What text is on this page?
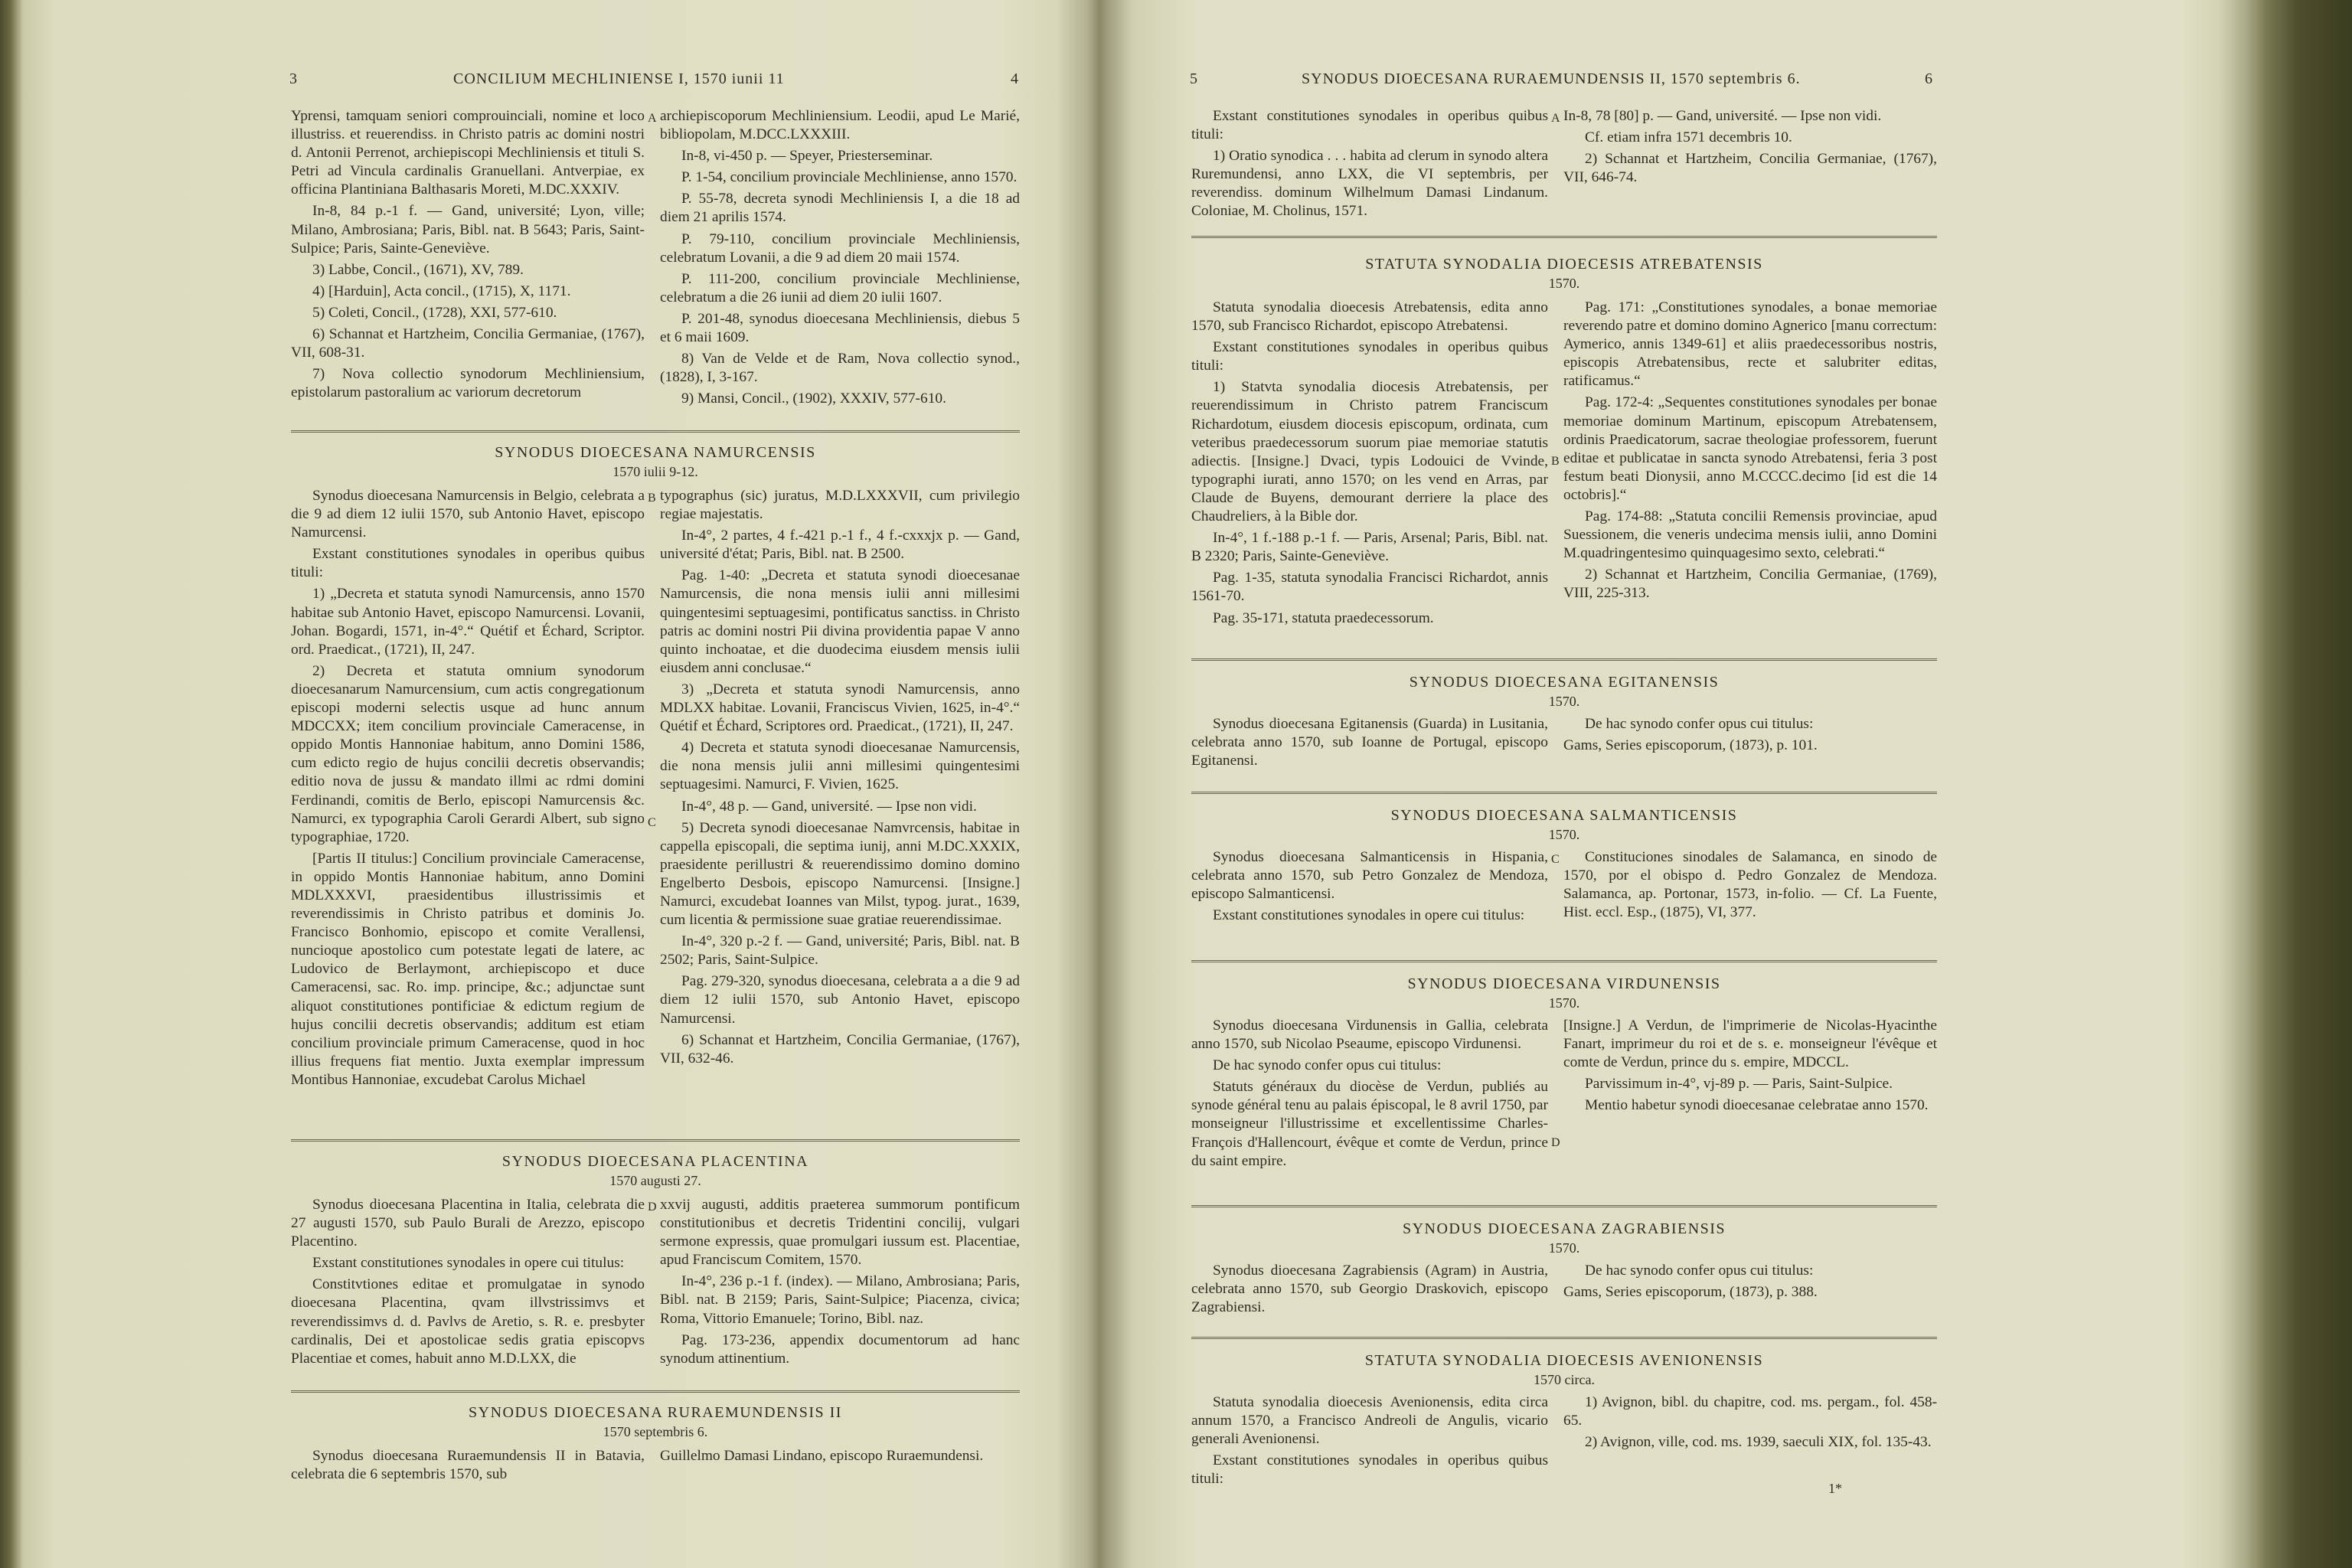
3	CONCILIUM MECHLINIENSE I, 1570 iunii 11	4

Yprensi, tamquam seniori comprouinciali, nomine et loco illustriss. et reuerendiss. in Christo patris ac domini nostri d. Antonii Perrenot, archiepiscopi Mechliniensis et tituli S. Petri ad Vincula cardinalis Granuellani. Antverpiae, ex officina Plantiniana Balthasaris Moreti, M.DC.XXXIV.

In-8, 84 p.-1 f. — Gand, université; Lyon, ville; Milano, Ambrosiana; Paris, Bibl. nat. B 5643; Paris, Saint-Sulpice; Paris, Sainte-Geneviève.

3) Labbe, Concil., (1671), XV, 789.

4) [Harduin], Acta concil., (1715), X, 1171.

5) Coleti, Concil., (1728), XXI, 577-610.

6) Schannat et Hartzheim, Concilia Germaniae, (1767), VII, 608-31.

7) Nova collectio synodorum Mechliniensium, epistolarum pastoralium ac variorum decretorum

A archiepiscoporum Mechliniensium. Leodii, apud Le Marié, bibliopolam, M.DCC.LXXXIII.

In-8, vi-450 p. — Speyer, Priesterseminar.

P. 1-54, concilium provinciale Mechliniense, anno 1570.

P. 55-78, decreta synodi Mechliniensis I, a die 18 ad diem 21 aprilis 1574.

P. 79-110, concilium provinciale Mechliniensis, celebratum Lovanii, a die 9 ad diem 20 maii 1574.

P. 111-200, concilium provinciale Mechliniense, celebratum a die 26 iunii ad diem 20 iulii 1607.

P. 201-48, synodus dioecesana Mechliniensis, diebus 5 et 6 maii 1609.

8) Van de Velde et de Ram, Nova collectio synod., (1828), I, 3-167.

9) Mansi, Concil., (1902), XXXIV, 577-610.

SYNODUS DIOECESANA NAMURCENSIS
1570 iulii 9-12.

Synodus dioecesana Namurcensis in Belgio, celebrata a die 9 ad diem 12 iulii 1570, sub Antonio Havet, episcopo Namurcensi.

Exstant constitutiones synodales in operibus quibus tituli:

1) „Decreta et statuta synodi Namurcensis, anno 1570 habitae sub Antonio Havet, episcopo Namurcensi. Lovanii, Johan. Bogardi, 1571, in-4°.“ Quétif et Échard, Scriptor. ord. Praedicat., (1721), II, 247.

2) Decreta et statuta omnium synodorum dioecesanarum Namurcensium, cum actis congregationum episcopi moderni selectis usque ad hunc annum MDCCXX; item concilium provinciale Cameracense, in oppido Montis Hannoniae habitum, anno Domini 1586, cum edicto regio de hujus concilii decretis observandis; editio nova de jussu & mandato illmi ac rdmi domini Ferdinandi, comitis de Berlo, episcopi Namurcensis &c. Namurci, ex typographia Caroli Gerardi Albert, sub signo typographiae, 1720.

[Partis II titulus:] Concilium provinciale Cameracense, in oppido Montis Hannoniae habitum, anno Domini MDLXXXVI, praesidentibus illustrissimis et reverendissimis in Christo patribus et dominis Jo. Francisco Bonhomio, episcopo et comite Verallensi, nuncioque apostolico cum potestate legati de latere, ac Ludovico de Berlaymont, archiepiscopo et duce Cameracensi, sac. Ro. imp. principe, &c.; adjunctae sunt aliquot constitutiones pontificiae & edictum regium de hujus concilii decretis observandis; additum est etiam concilium provinciale primum Cameracense, quod in hoc illius frequens fiat mentio. Juxta exemplar impressum Montibus Hannoniae, excudebat Carolus Michael

B
C

typographus (sic) juratus, M.D.LXXXVII, cum privilegio regiae majestatis.

In-4°, 2 partes, 4 f.-421 p.-1 f., 4 f.-cxxxjx p. — Gand, université d'état; Paris, Bibl. nat. B 2500.

Pag. 1-40: „Decreta et statuta synodi dioecesanae Namurcensis, die nona mensis iulii anni millesimi quingentesimi septuagesimi, pontificatus sanctiss. in Christo patris ac domini nostri Pii divina providentia papae V anno quinto inchoatae, et die duodecima eiusdem mensis iulii eiusdem anni conclusae.“

3) „Decreta et statuta synodi Namurcensis, anno MDLXX habitae. Lovanii, Franciscus Vivien, 1625, in-4°.“ Quétif et Échard, Scriptores ord. Praedicat., (1721), II, 247.

4) Decreta et statuta synodi dioecesanae Namurcensis, die nona mensis julii anni millesimi quingentesimi septuagesimi. Namurci, F. Vivien, 1625.

In-4°, 48 p. — Gand, université. — Ipse non vidi.

5) Decreta synodi dioecesanae Namvrcensis, habitae in cappella episcopali, die septima iunij, anni M.DC.XXXIX, praesidente perillustri & reuerendissimo domino domino Engelberto Desbois, episcopo Namurcensi. [Insigne.] Namurci, excudebat Ioannes van Milst, typog. jurat., 1639, cum licentia & permissione suae gratiae reuerendissimae.

In-4°, 320 p.-2 f. — Gand, université; Paris, Bibl. nat. B 2502; Paris, Saint-Sulpice.

Pag. 279-320, synodus dioecesana, celebrata a a die 9 ad diem 12 iulii 1570, sub Antonio Havet, episcopo Namurcensi.

6) Schannat et Hartzheim, Concilia Germaniae, (1767), VII, 632-46.

SYNODUS DIOECESANA PLACENTINA
1570 augusti 27.

Synodus dioecesana Placentina in Italia, celebrata die 27 augusti 1570, sub Paulo Burali de Arezzo, episcopo Placentino.

Exstant constitutiones synodales in opere cui titulus:

Constitvtiones editae et promulgatae in synodo dioecesana Placentina, qvam illvstrissimvs et reverendissimvs d. d. Pavlvs de Aretio, s. R. e. presbyter cardinalis, Dei et apostolicae sedis gratia episcopvs Placentiae et comes, habuit anno M.D.LXX, die

D xxvij augusti, additis praeterea summorum pontificum constitutionibus et decretis Tridentini concilij, vulgari sermone expressis, quae promulgari iussum est. Placentiae, apud Franciscum Comitem, 1570.

In-4°, 236 p.-1 f. (index). — Milano, Ambrosiana; Paris, Bibl. nat. B 2159; Paris, Saint-Sulpice; Piacenza, civica; Roma, Vittorio Emanuele; Torino, Bibl. naz.

Pag. 173-236, appendix documentorum ad hanc synodum attinentium.

SYNODUS DIOECESANA RURAEMUNDENSIS II
1570 septembris 6.

Synodus dioecesana Ruraemundensis II in Batavia, celebrata die 6 septembris 1570, sub

Guillelmo Damasi Lindano, episcopo Ruraemundensi.

5	SYNODUS DIOECESANA RURAEMUNDENSIS II, 1570 septembris 6.	6

Exstant constitutiones synodales in operibus quibus tituli:

1) Oratio synodica . . . habita ad clerum in synodo altera Ruremundensi, anno LXX, die VI septembris, per reverendiss. dominum Wilhelmum Damasi Lindanum. Coloniae, M. Cholinus, 1571.

A In-8, 78 [80] p. — Gand, université. — Ipse non vidi.

Cf. etiam infra 1571 decembris 10.

2) Schannat et Hartzheim, Concilia Germaniae, (1767), VII, 646-74.

STATUTA SYNODALIA DIOECESIS ATREBATENSIS
1570.

Statuta synodalia dioecesis Atrebatensis, edita anno 1570, sub Francisco Richardot, episcopo Atrebatensi.

Exstant constitutiones synodales in operibus quibus tituli:

1) Statvta synodalia diocesis Atrebatensis, per reuerendissimum in Christo patrem Franciscum Richardotum, eiusdem diocesis episcopum, ordinata, cum veteribus praedecessorum suorum piae memoriae statutis adiectis. [Insigne.] Dvaci, typis Lodouici de Vvinde, typographi iurati, anno 1570; on les vend en Arras, par Claude de Buyens, demourant derriere la place des Chaudreliers, à la Bible dor.

In-4°, 1 f.-188 p.-1 f. — Paris, Arsenal; Paris, Bibl. nat. B 2320; Paris, Sainte-Geneviève.

Pag. 1-35, statuta synodalia Francisci Richardot, annis 1561-70.

Pag. 35-171, statuta praedecessorum.

B

Pag. 171: „Constitutiones synodales, a bonae memoriae reverendo patre et domino domino Agnerico [manu correctum: Aymerico, annis 1349-61] et aliis praedecessoribus nostris, episcopis Atrebatensibus, recte et salubriter editas, ratificamus.“

Pag. 172-4: „Sequentes constitutiones synodales per bonae memoriae dominum Martinum, episcopum Atrebatensem, ordinis Praedicatorum, sacrae theologiae professorem, fuerunt editae et publicatae in sancta synodo Atrebatensi, feria 3 post festum beati Dionysii, anno M.CCCC.decimo [id est die 14 octobris].“

Pag. 174-88: „Statuta concilii Remensis provinciae, apud Suessionem, die veneris undecima mensis iulii, anno Domini M.quadringentesimo quinquagesimo sexto, celebrati.“

2) Schannat et Hartzheim, Concilia Germaniae, (1769), VIII, 225-313.

SYNODUS DIOECESANA EGITANENSIS
1570.

Synodus dioecesana Egitanensis (Guarda) in Lusitania, celebrata anno 1570, sub Ioanne de Portugal, episcopo Egitanensi.

De hac synodo confer opus cui titulus:

Gams, Series episcoporum, (1873), p. 101.

SYNODUS DIOECESANA SALMANTICENSIS
1570.

Synodus dioecesana Salmanticensis in Hispania, celebrata anno 1570, sub Petro Gonzalez de Mendoza, episcopo Salmanticensi.

Exstant constitutiones synodales in opere cui titulus:

C	Constituciones sinodales de Salamanca, en sinodo de 1570, por el obispo d. Pedro Gonzalez de Mendoza. Salamanca, ap. Portonar, 1573, in-folio. — Cf. La Fuente, Hist. eccl. Esp., (1875), VI, 377.

SYNODUS DIOECESANA VIRDUNENSIS
1570.

Synodus dioecesana Virdunensis in Gallia, celebrata anno 1570, sub Nicolao Pseaume, episcopo Virdunensi.

De hac synodo confer opus cui titulus:

Statuts généraux du diocèse de Verdun, publiés au synode général tenu au palais épiscopal, le 8 avril 1750, par monseigneur l'illustrissime et excellentissime Charles-François d'Hallencourt, évêque et comte de Verdun, prince du saint empire.

D

[Insigne.] A Verdun, de l'imprimerie de Nicolas-Hyacinthe Fanart, imprimeur du roi et de s. e. monseigneur l'évêque et comte de Verdun, prince du s. empire, MDCCL.

Parvissimum in-4°, vj-89 p. — Paris, Saint-Sulpice.

Mentio habetur synodi dioecesanae celebratae anno 1570.

SYNODUS DIOECESANA ZAGRABIENSIS
1570.

Synodus dioecesana Zagrabiensis (Agram) in Austria, celebrata anno 1570, sub Georgio Draskovich, episcopo Zagrabiensi.

De hac synodo confer opus cui titulus:

Gams, Series episcoporum, (1873), p. 388.

STATUTA SYNODALIA DIOECESIS AVENIONENSIS
1570 circa.

Statuta synodalia dioecesis Avenionensis, edita circa annum 1570, a Francisco Andreoli de Angulis, vicario generali Avenionensi.

Exstant constitutiones synodales in operibus quibus tituli:

1) Avignon, bibl. du chapitre, cod. ms. pergam., fol. 458-65.

2) Avignon, ville, cod. ms. 1939, saeculi XIX, fol. 135-43.

1*
